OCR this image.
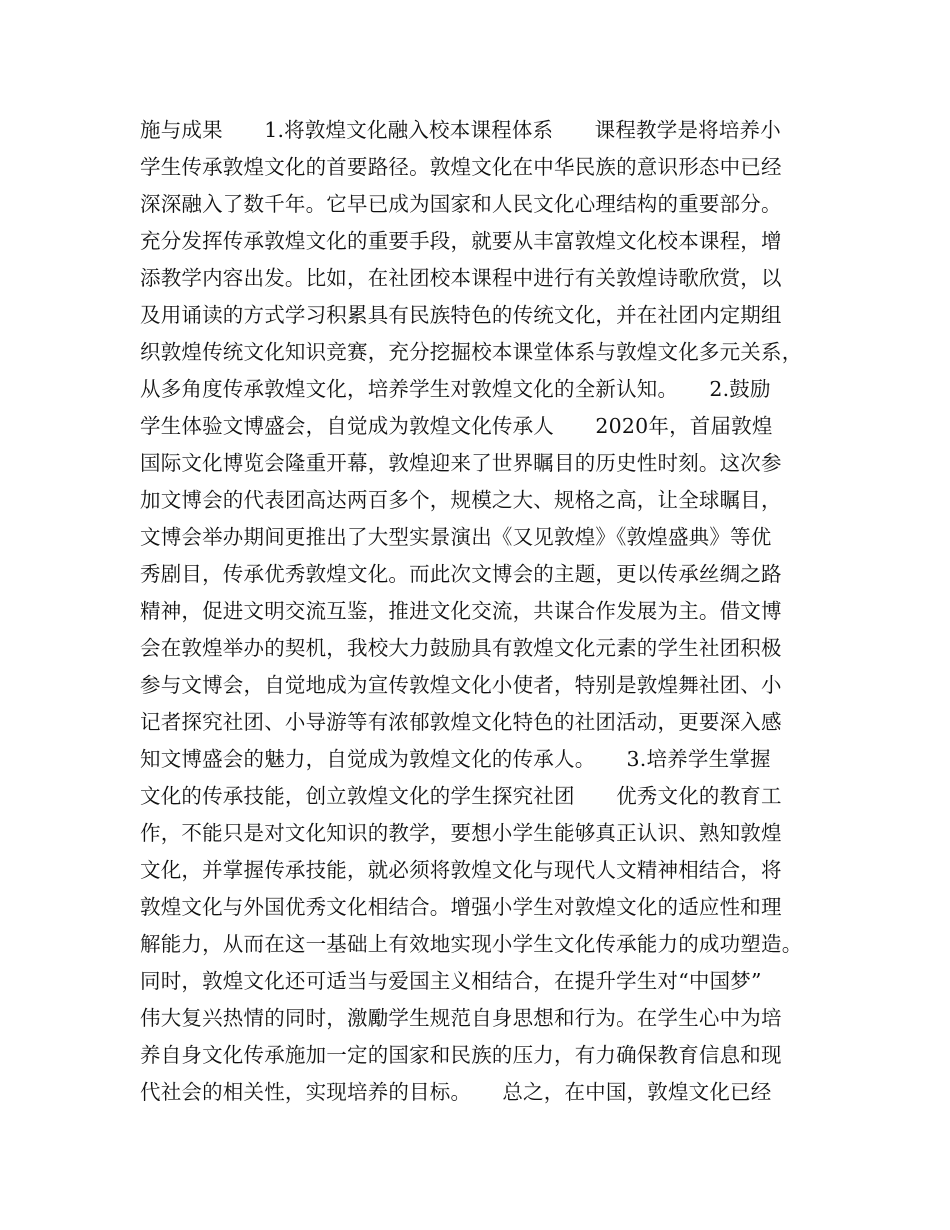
施与成果　　1.将敦煌文化融入校本课程体系　　课程教学是将培养小
学生传承敦煌文化的首要路径。敦煌文化在中华民族的意识形态中已经
深深融入了数千年。它早已成为国家和人民文化心理结构的重要部分。
充分发挥传承敦煌文化的重要手段，就要从丰富敦煌文化校本课程，增
添教学内容出发。比如，在社团校本课程中进行有关敦煌诗歌欣赏，以
及用诵读的方式学习积累具有民族特色的传统文化，并在社团内定期组
织敦煌传统文化知识竞赛，充分挖掘校本课堂体系与敦煌文化多元关系，
从多角度传承敦煌文化，培养学生对敦煌文化的全新认知。　　2.鼓励
学生体验文博盛会，自觉成为敦煌文化传承人　　2020年，首届敦煌
国际文化博览会隆重开幕，敦煌迎来了世界瞩目的历史性时刻。这次参
加文博会的代表团高达两百多个，规模之大、规格之高，让全球瞩目，
文博会举办期间更推出了大型实景演出《又见敦煌》《敦煌盛典》等优
秀剧目，传承优秀敦煌文化。而此次文博会的主题，更以传承丝绸之路
精神，促进文明交流互鉴，推进文化交流，共谋合作发展为主。借文博
会在敦煌举办的契机，我校大力鼓励具有敦煌文化元素的学生社团积极
参与文博会，自觉地成为宣传敦煌文化小使者，特别是敦煌舞社团、小
记者探究社团、小导游等有浓郁敦煌文化特色的社团活动，更要深入感
知文博盛会的魅力，自觉成为敦煌文化的传承人。　　3.培养学生掌握
文化的传承技能，创立敦煌文化的学生探究社团　　优秀文化的教育工
作，不能只是对文化知识的教学，要想小学生能够真正认识、熟知敦煌
文化，并掌握传承技能，就必须将敦煌文化与现代人文精神相结合，将
敦煌文化与外国优秀文化相结合。增强小学生对敦煌文化的适应性和理
解能力，从而在这一基础上有效地实现小学生文化传承能力的成功塑造。
同时，敦煌文化还可适当与爱国主义相结合，在提升学生对“中国梦”
伟大复兴热情的同时，激勵学生规范自身思想和行为。在学生心中为培
养自身文化传承施加一定的国家和民族的压力，有力确保教育信息和现
代社会的相关性，实现培养的目标。　　总之，在中国，敦煌文化已经
